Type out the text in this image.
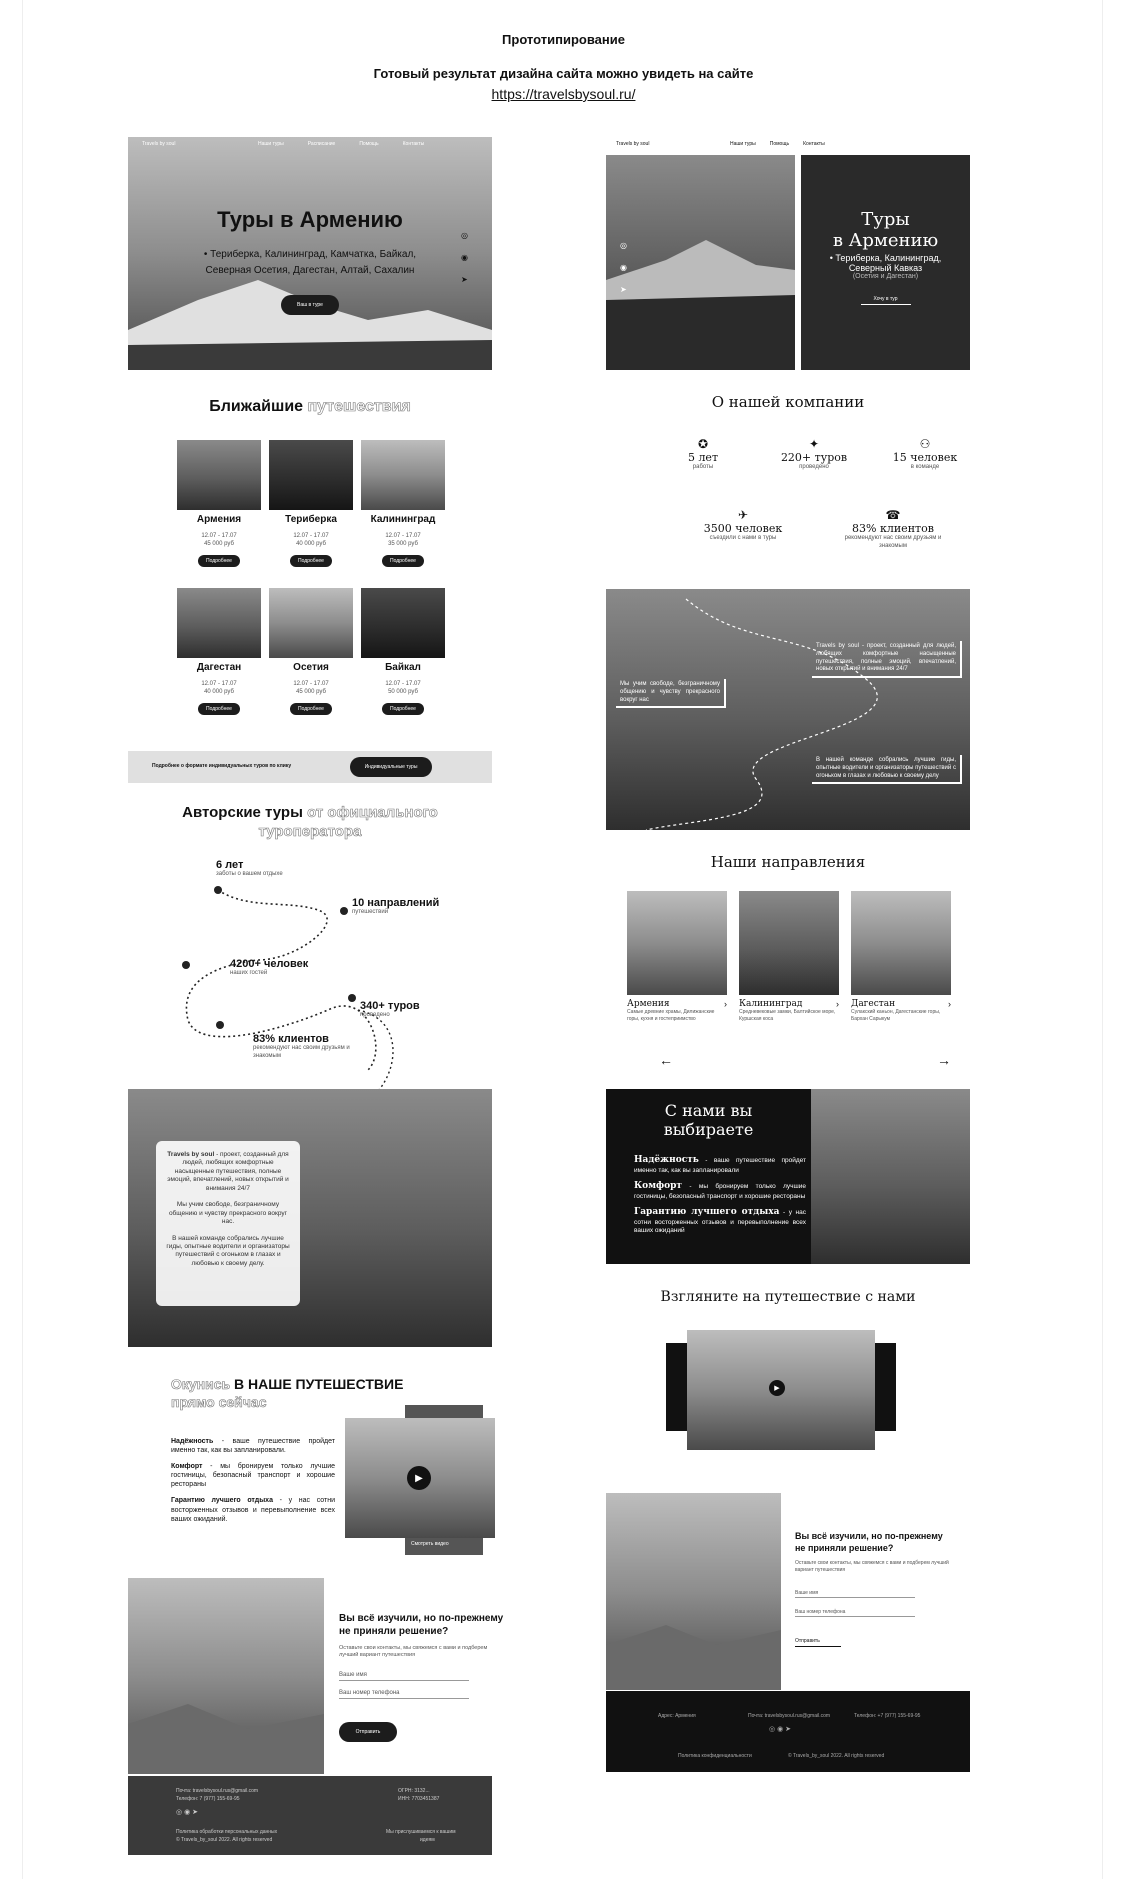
Прототипирование
Готовый результат дизайна сайта можно увидеть на сайте
https://travelsbysoul.ru/
Travels by soul	Наши туры	Расписание	Помощь	Контакты
Туры в Армению
• Териберка, Калининград, Камчатка, Байкал,
Северная Осетия, Дагестан, Алтай, Сахалин
Ваш в туре
◎
◉
➤
Ближайшие путешествия
Армения
12.07 - 17.07
45 000 руб
Подробнее
Териберка
12.07 - 17.07
40 000 руб
Подробнее
Калининград
12.07 - 17.07
35 000 руб
Подробнее
Дагестан
12.07 - 17.07
40 000 руб
Подробнее
Осетия
12.07 - 17.07
45 000 руб
Подробнее
Байкал
12.07 - 17.07
50 000 руб
Подробнее
Подробнее о формате индивидуальных туров по клику	Индивидуальные туры
Авторские туры от официального
туроператора
6 лет
заботы о вашем отдыхе
10 направлений
путешествий
4200+ человек
наших гостей
340+ туров
проведено
83% клиентов
рекомендуют нас своим друзьям и знакомым

Travels by soul - проект, созданный для людей, любящих комфортные насыщенные путешествия, полные эмоций, впечатлений, новых открытий и внимания 24/7

Мы учим свободе, безграничному общению и чувству прекрасного вокруг нас.

В нашей команде собрались лучшие гиды, опытные водители и организаторы путешествий с огоньком в глазах и любовью к своему делу.

Окунись В НАШЕ ПУТЕШЕСТВИЕ
прямо сейчас

Надёжность - ваше путешествие пройдет именно так, как вы запланировали.

Комфорт - мы бронируем только лучшие гостиницы, безопасный транспорт и хорошие рестораны

Гарантию лучшего отдыха - у нас сотни восторженных отзывов и перевыполнение всех ваших ожиданий.

▶
Смотреть видео
Вы всё изучили, но по-прежнему не приняли решение?
Оставьте свои контакты, мы свяжемся с вами и подберем лучший вариант путешествия
Ваше имя
Ваш номер телефона
Отправить
Почта: travelsbysoul.rus@gmail.com
Телефон: 7 (977) 155-69-95
ОГРН: 3132...
ИНН: 7703451387
◎ ◉ ➤
Политика обработки персональных данных
© Travels_by_soul 2022. All rights reserved
Мы прислушиваемся к вашим
идеям
Travels by soul	Наши туры	Помощь	Контакты
◎
◉
➤
Туры
в Армению
• Териберка, Калининград,
Северный Кавказ
(Осетия и Дагестан)
Хочу в тур
О нашей компании
✪
5 лет
работы
✦
220+ туров
проведено
⚇
15 человек
в команде
✈
3500 человек
съездили с нами в туры
☎
83% клиентов
рекомендуют нас своим друзьям и знакомым
Travels by soul - проект, созданный для людей, любящих комфортные насыщенные путешествия, полные эмоций, впечатлений, новых открытий и внимания 24/7
Мы учим свободе, безграничному общению и чувству прекрасного вокруг нас
В нашей команде собрались лучшие гиды, опытные водители и организаторы путешествий с огоньком в глазах и любовью к своему делу
Наши направления
Армения	›
Самые древние храмы, Дилижанские горы, кухня и гостеприимство
Калининград	›
Средневековые замки, Балтийское море, Куршская коса
Дагестан	›
Сулакский каньон, Дагестанские горы, Бархан Сарыкум
←	→
С нами вы
выбираете

Надёжность - ваше путешествие пройдет именно так, как вы запланировали

Комфорт - мы бронируем только лучшие гостиницы, безопасный транспорт и хорошие рестораны

Гарантию лучшего отдыха - у нас сотни восторженных отзывов и перевыполнение всех ваших ожиданий

Взгляните на путешествие с нами
▶
Вы всё изучили, но по-прежнему не приняли решение?
Оставьте свои контакты, мы свяжемся с вами и подберем лучший вариант путешествия
Ваше имя
Ваш номер телефона
Отправить
Адрес: Армения	Почта: travelsbysoul.rus@gmail.com	Телефон: +7 (977) 155-69-95
◎ ◉ ➤
Политика конфиденциальности	© Travels_by_soul 2022. All rights reserved
